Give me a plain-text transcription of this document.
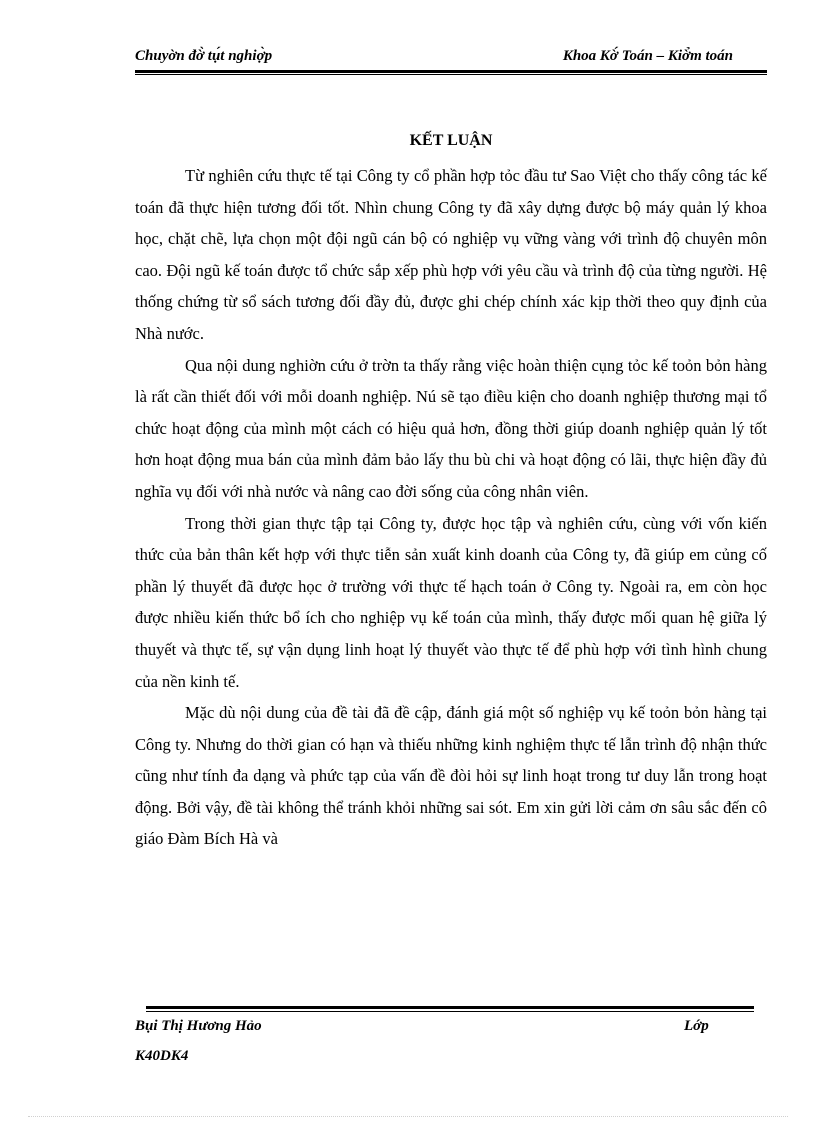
Chuyờn đờ̀ tụ́t nghiợ̀p	Khoa Kờ́ Toán – Kiờ̉m toán
KẾT LUẬN

Từ nghiên cứu thực tế tại Công ty cổ phần hợp tỏc đầu tư Sao Việt cho thấy công tác kế toán đã thực hiện tương đối tốt. Nhìn chung Công ty đã xây dựng được bộ máy quản lý khoa học, chặt chẽ, lựa chọn một đội ngũ cán bộ có nghiệp vụ vững vàng với trình độ chuyên môn cao. Đội ngũ kế toán được tổ chức sắp xếp phù hợp với yêu cầu và trình độ của từng người. Hệ thống chứng từ sổ sách tương đối đầy đủ, được ghi chép chính xác kịp thời theo quy định của Nhà nước.

Qua nội dung nghiờn cứu ở trờn ta thấy rằng việc hoàn thiện cụng tỏc kế toỏn bỏn hàng là rất cần thiết đối với mỗi doanh nghiệp. Nú sẽ tạo điều kiện cho doanh nghiệp thương mại tổ chức hoạt động của mình một cách có hiệu quả hơn, đồng thời giúp doanh nghiệp quản lý tốt hơn hoạt động mua bán của mình đảm bảo lấy thu bù chi và hoạt động có lãi, thực hiện đầy đủ nghĩa vụ đối với nhà nước và nâng cao đời sống của công nhân viên.

Trong thời gian thực tập tại Công ty, được học tập và nghiên cứu, cùng với vốn kiến thức của bản thân kết hợp với thực tiễn sản xuất kinh doanh của Công ty, đã giúp em củng cố phần lý thuyết đã được học ở trường với thực tế hạch toán ở Công ty. Ngoài ra, em còn học được nhiều kiến thức bổ ích cho nghiệp vụ kế toán của mình, thấy được mối quan hệ giữa lý thuyết và thực tế, sự vận dụng linh hoạt lý thuyết vào thực tế để phù hợp với tình hình chung của nền kinh tế.

Mặc dù nội dung của đề tài đã đề cập, đánh giá một số nghiệp vụ kế toỏn bỏn hàng tại Công ty. Nhưng do thời gian có hạn và thiếu những kinh nghiệm thực tế lẫn trình độ nhận thức cũng như tính đa dạng và phức tạp của vấn đề đòi hỏi sự linh hoạt trong tư duy lẫn trong hoạt động. Bởi vậy, đề tài không thể tránh khỏi những sai sót. Em xin gửi lời cảm ơn sâu sắc đến cô giáo Đàm Bích Hà và

Bụi Thị Hương Hảo	Lớp
K40DK4
